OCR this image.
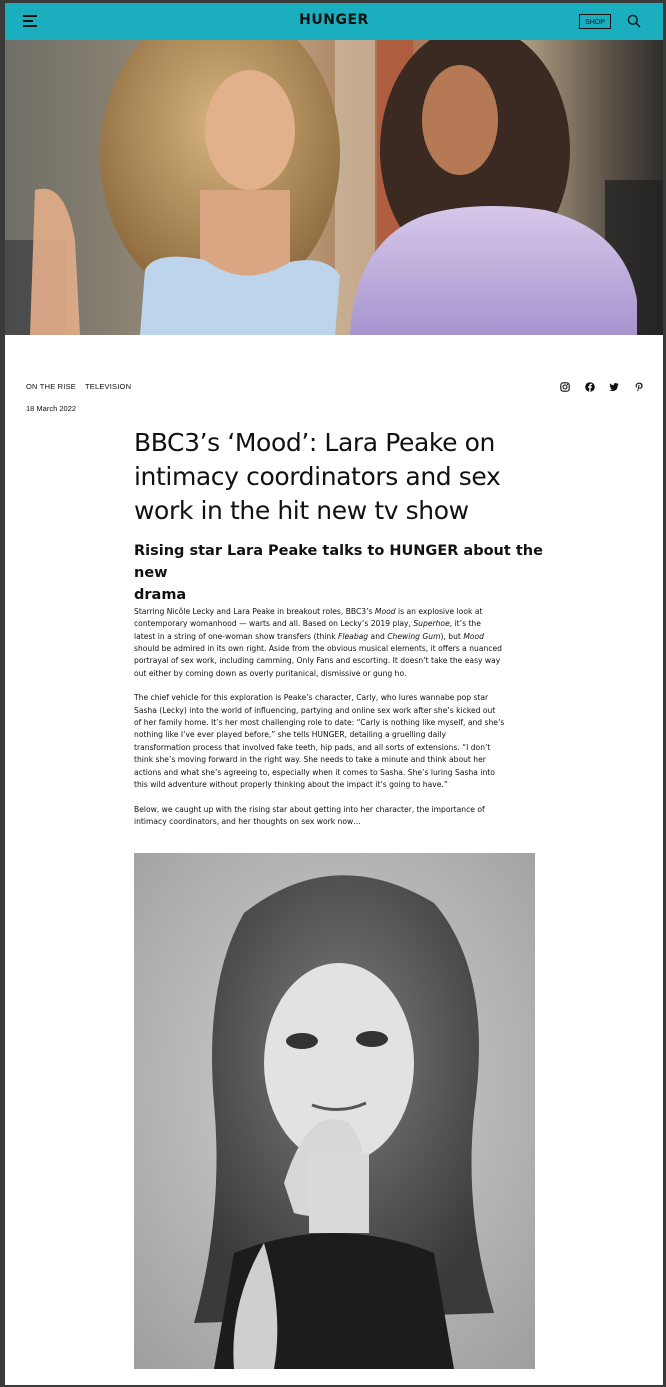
HUNGER	SHOP
ON THE RISE TELEVISION
18 March 2022
BBC3’s ‘Mood’: Lara Peake on
intimacy coordinators and sex
work in the hit new tv show
Rising star Lara Peake talks to HUNGER about the new
drama

Starring Nicôle Lecky and Lara Peake in breakout roles, BBC3’s Mood is an explosive look at
contemporary womanhood — warts and all. Based on Lecky’s 2019 play, Superhoe, it’s the
latest in a string of one-woman show transfers (think Fleabag and Chewing Gum), but Mood
should be admired in its own right. Aside from the obvious musical elements, it offers a nuanced
portrayal of sex work, including camming, Only Fans and escorting. It doesn’t take the easy way
out either by coming down as overly puritanical, dismissive or gung ho.

The chief vehicle for this exploration is Peake’s character, Carly, who lures wannabe pop star
Sasha (Lecky) into the world of influencing, partying and online sex work after she’s kicked out
of her family home. It’s her most challenging role to date: “Carly is nothing like myself, and she’s
nothing like I’ve ever played before,” she tells HUNGER, detailing a gruelling daily
transformation process that involved fake teeth, hip pads, and all sorts of extensions. “I don’t
think she’s moving forward in the right way. She needs to take a minute and think about her
actions and what she’s agreeing to, especially when it comes to Sasha. She’s luring Sasha into
this wild adventure without properly thinking about the impact it’s going to have.”

Below, we caught up with the rising star about getting into her character, the importance of
intimacy coordinators, and her thoughts on sex work now…
